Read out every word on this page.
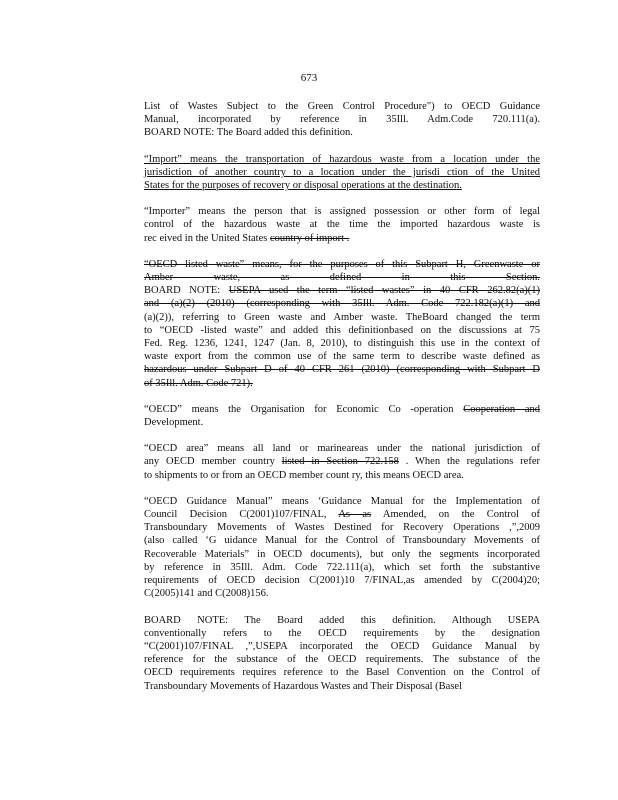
673
List of Wastes Subject to the Green Control Procedure") to OECD Guidance
Manual, incorporated by reference in 35Ill. Adm.Code 720.111(a).
BOARD NOTE: The Board added this definition.
“Import” means the transportation of hazardous waste from a location under the
jurisdiction of another country to a location under the jurisdi ction of the United
States for the purposes of recovery or disposal operations at the destination.
“Importer” means the person that is assigned possession or other form of legal
control of the hazardous waste at the time the imported hazardous waste is
rec eived in the United States country of import .
“OECD listed waste” means, for the purposes of this Subpart H, Greenwaste or
Amber waste, as defined in this Section.
BOARD NOTE: USEPA used the term “listed wastes” in 40 CFR 262.82(a)(1)
and (a)(2) (2010) (corresponding with 35Ill. Adm. Code 722.182(a)(1) and
(a)(2)), referring to Green waste and Amber waste. TheBoard changed the term
to “OECD -listed waste” and added this definitionbased on the discussions at 75
Fed. Reg. 1236, 1241, 1247 (Jan. 8, 2010), to distinguish this use in the context of
waste export from the common use of the same term to describe waste defined as
hazardous under Subpart D of 40 CFR 261 (2010) (corresponding with Subpart D
of 35Ill. Adm. Code 721).
“OECD” means the Organisation for Economic Co -operation Cooperation and
Development.
“OECD area” means all land or marineareas under the national jurisdiction of
any OECD member country listed in Section 722.158 . When the regulations refer
to shipments to or from an OECD member count ry, this means OECD area.
“OECD Guidance Manual” means ‘Guidance Manual for the Implementation of
Council Decision C(2001)107/FINAL, As as Amended, on the Control of
Transboundary Movements of Wastes Destined for Recovery Operations ,”,2009
(also called ‘G uidance Manual for the Control of Transboundary Movements of
Recoverable Materials” in OECD documents), but only the segments incorporated
by reference in 35Ill. Adm. Code 722.111(a), which set forth the substantive
requirements of OECD decision C(2001)10 7/FINAL,as amended by C(2004)20;
C(2005)141 and C(2008)156.
BOARD NOTE: The Board added this definition. Although USEPA
conventionally refers to the OECD requirements by the designation
“C(2001)107/FINAL ,”,USEPA incorporated the OECD Guidance Manual by
reference for the substance of the OECD requirements. The substance of the
OECD requirements requires reference to the Basel Convention on the Control of
Transboundary Movements of Hazardous Wastes and Their Disposal (Basel
